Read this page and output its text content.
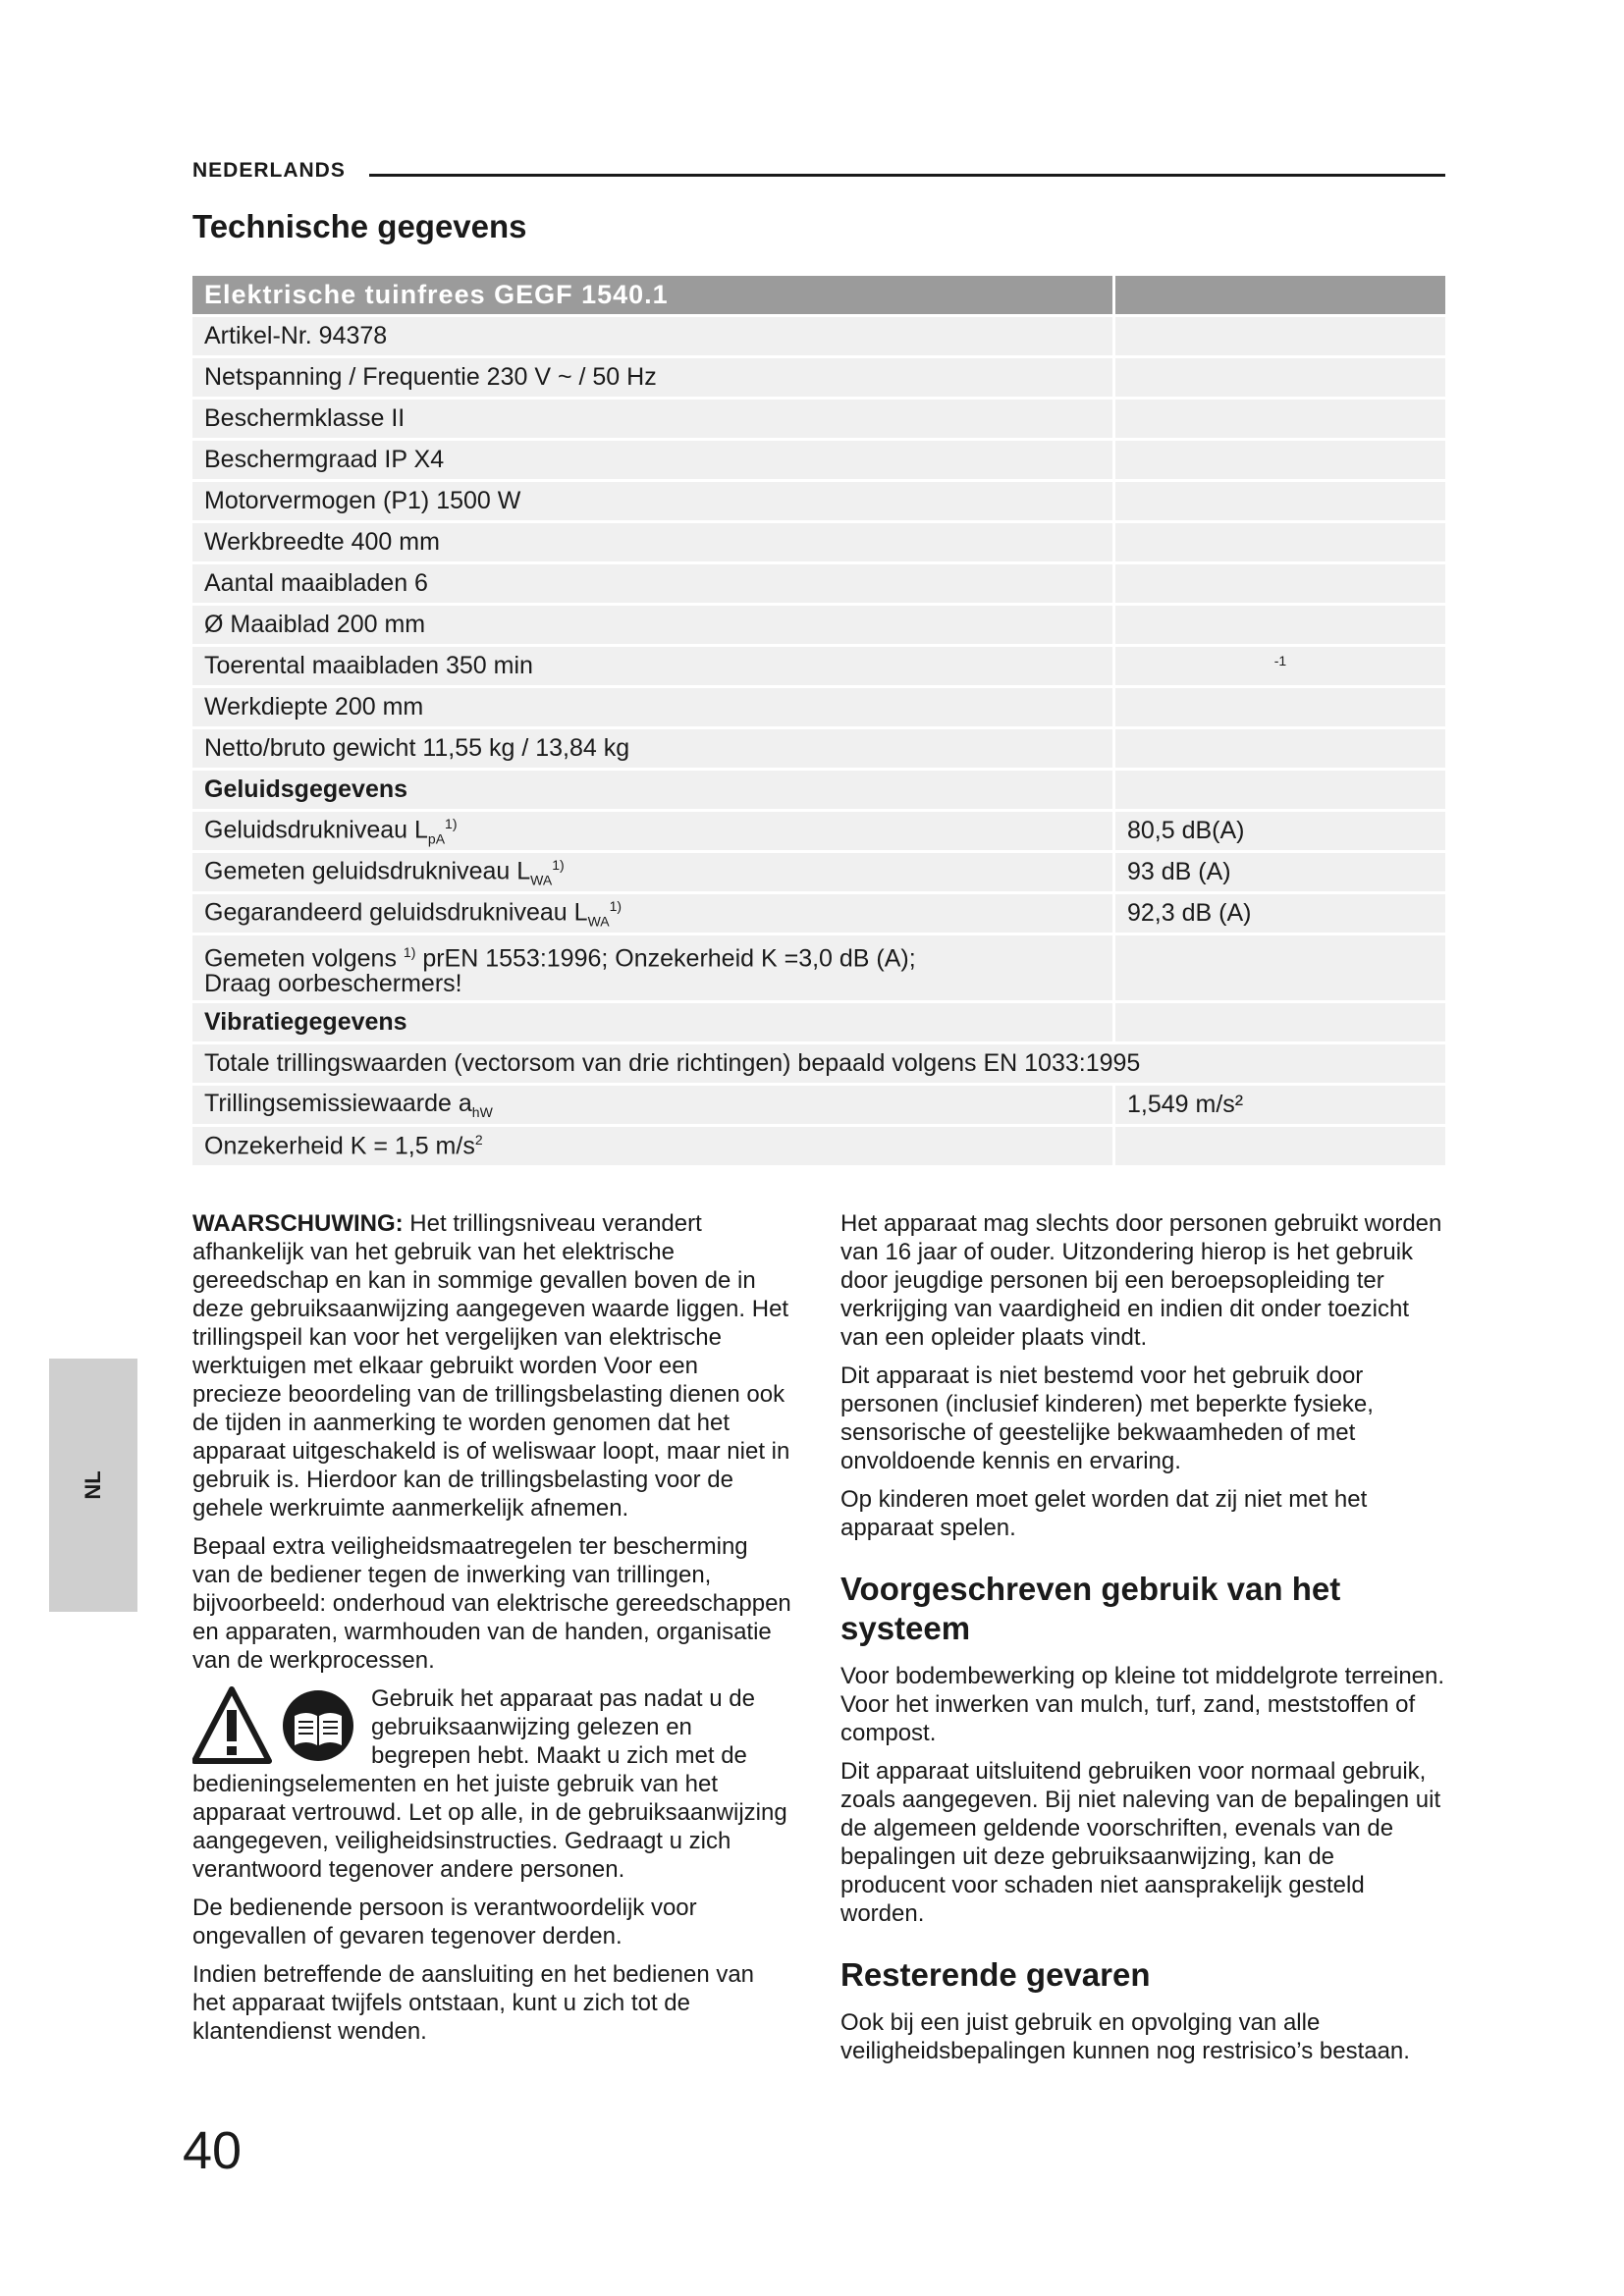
NEDERLANDS
Technische gegevens
Elektrische tuinfrees GEGF 1540.1	
Artikel-Nr. 94378	
Netspanning / Frequentie 230 V ~ / 50 Hz	
Beschermklasse II	
Beschermgraad IP X4	
Motorvermogen (P1) 1500 W	
Werkbreedte 400 mm	
Aantal maaibladen 6	
Ø Maaiblad 200 mm	
Toerental maaibladen 350 min	-1
Werkdiepte 200 mm	
Netto/bruto gewicht 11,55 kg / 13,84 kg	
Geluidsgegevens	
Geluidsdrukniveau $L_{pA}^{1)}$	80,5 dB(A)
Gemeten geluidsdrukniveau $L_{WA}^{1)}$	93 dB (A)
Gegarandeerd geluidsdrukniveau $L_{WA}^{1)}$	92,3 dB (A)
Gemeten volgens $^{1)}$ prEN 1553:1996; Onzekerheid K =3,0 dB (A);
Draag oorbeschermers!	
Vibratiegegevens	
Totale trillingswaarden (vectorsom van drie richtingen) bepaald volgens EN 1033:1995	
Trillingsemissiewaarde $a_{hW}$	1,549 m/s²
Onzekerheid K = 1,5 $m/s^2$	

WAARSCHUWING: Het trillingsniveau verandert afhankelijk van het gebruik van het elektrische gereedschap en kan in sommige gevallen boven de in deze gebruiksaanwijzing aangegeven waarde liggen. Het trillingspeil kan voor het vergelijken van elektrische werktuigen met elkaar gebruikt worden Voor een precieze beoordeling van de trillingsbelasting dienen ook de tijden in aanmerking te worden genomen dat het apparaat uitgeschakeld is of weliswaar loopt, maar niet in gebruik is. Hierdoor kan de trillingsbelasting voor de gehele werkruimte aanmerkelijk afnemen.

Bepaal extra veiligheidsmaatregelen ter bescherming van de bediener tegen de inwerking van trillingen, bijvoorbeeld: onderhoud van elektrische gereedschappen en apparaten, warmhouden van de handen, organisatie van de werkprocessen.

Gebruik het apparaat pas nadat u de gebruiksaanwijzing gelezen en begrepen hebt. Maakt u zich met de bedieningselementen en het juiste gebruik van het apparaat vertrouwd. Let op alle, in de gebruiksaanwijzing aangegeven, veiligheidsinstructies. Gedraagt u zich verantwoord tegenover andere personen.

De bedienende persoon is verantwoordelijk voor ongevallen of gevaren tegenover derden.

Indien betreffende de aansluiting en het bedienen van het apparaat twijfels ontstaan, kunt u zich tot de klantendienst wenden.

Het apparaat mag slechts door personen gebruikt worden van 16 jaar of ouder. Uitzondering hierop is het gebruik door jeugdige personen bij een beroepsopleiding ter verkrijging van vaardigheid en indien dit onder toezicht van een opleider plaats vindt.

Dit apparaat is niet bestemd voor het gebruik door personen (inclusief kinderen) met beperkte fysieke, sensorische of geestelijke bekwaamheden of met onvoldoende kennis en ervaring.

Op kinderen moet gelet worden dat zij niet met het apparaat spelen.

Voorgeschreven gebruik van het systeem

Voor bodembewerking op kleine tot middelgrote terreinen. Voor het inwerken van mulch, turf, zand, meststoffen of compost.

Dit apparaat uitsluitend gebruiken voor normaal gebruik, zoals aangegeven. Bij niet naleving van de bepalingen uit de algemeen geldende voorschriften, evenals van de bepalingen uit deze gebruiksaanwijzing, kan de producent voor schaden niet aansprakelijk gesteld worden.

Resterende gevaren

Ook bij een juist gebruik en opvolging van alle veiligheidsbepalingen kunnen nog restrisico’s bestaan.

NL
40
